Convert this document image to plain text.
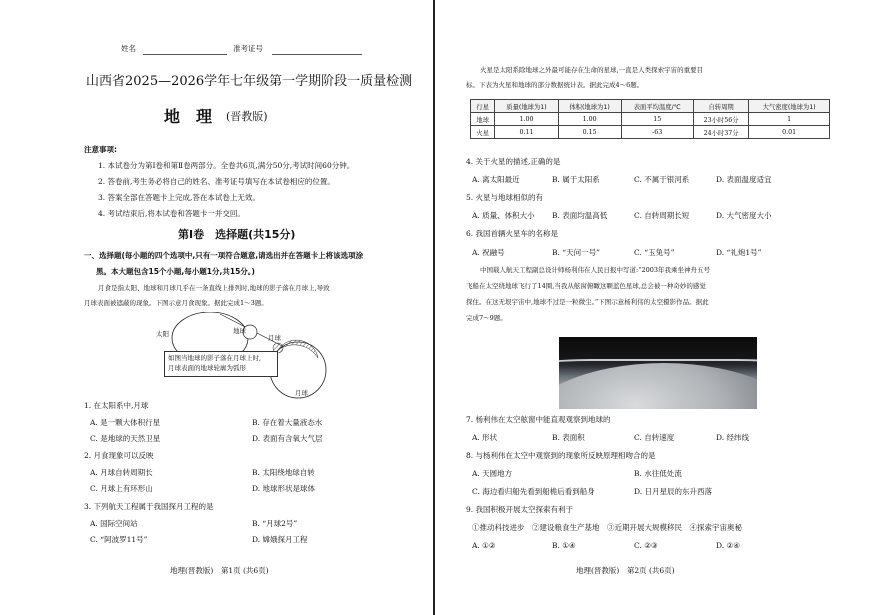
姓名	准考证号
山西省2025—2026学年七年级第一学期阶段一质量检测
地　理 (晋教版)
注意事项:
1. 本试卷分为第Ⅰ卷和第Ⅱ卷两部分。全卷共6页,满分50分,考试时间60分钟。
2. 答卷前,考生务必将自己的姓名、准考证号填写在本试卷相应的位置。
3. 答案全部在答题卡上完成,答在本试卷上无效。
4. 考试结束后,将本试卷和答题卡一并交回。
第Ⅰ卷　选择题(共15分)
一、选择题(每小题的四个选项中,只有一项符合题意,请选出并在答题卡上将该选项涂
黑。本大题包含15个小题,每小题1分,共15分。)
月食是指太阳、地球和月球几乎在一条直线上排列时,地球的影子落在月球上,导致
月球表面被遮蔽的现象。下图示意月食现象。据此完成1～3题。
太阳	地球
月球
如图当地球的影子落在月球上时,
月球表面的地球轮廓为弧形
月球
1. 在太阳系中,月球
A. 是一颗大体积行星	B. 存在着大量液态水
C. 是地球的天然卫星	D. 表面有含氧大气层
2. 月食现象可以反映
A. 月球自转周期长	B. 太阳绕地球自转
C. 月球上有环形山	D. 地球形状是球体
3. 下列航天工程属于我国探月工程的是
A. 国际空间站	B. “月球2号”
C. “阿波罗11号”	D. 嫦娥探月工程
地理(晋教版)　第1页 (共6页)
火星是太阳系除地球之外最可能存在生命的星球,一直是人类探索宇宙的重要目
标。下表为火星和地球的部分数据统计表。据此完成4～6题。
行星	质量(地球为1)	体积(地球为1)	表面平均温度/℃	自转周期	大气密度(地球为1)
地球	1.00	1.00	15	23小时56分	1
火星	0.11	0.15	-63	24小时37分	0.01
4. 关于火星的描述,正确的是
A. 离太阳最近	B. 属于太阳系	C. 不属于银河系	D. 表面温度适宜
5. 火星与地球相似的有
A. 质量、体积大小 B. 表面均温高低	C. 自转周期长短	D. 大气密度大小
6. 我国首辆火星车的名称是
A. 祝融号	B. “天问一号”	C. “玉兔号”	D. “礼炮1号”
中国载人航天工程副总设计师杨利伟在人民日报中写道:“2003年我乘坐神舟五号
飞船在太空绕地球飞行了14圈,当我从舷窗俯瞰这颗蓝色星球,总会被一种奇妙的感觉
探住。在这无垠宇宙中,地球不过是一粒微尘。”下图示意杨利伟的太空摄影作品。据此
完成7～9题。
7. 杨利伟在太空舷窗中能直观观察到地球的
A. 形状	B. 表面积	C. 自转速度	D. 经纬线
8. 与杨利伟在太空中观察到的现象所反映原理相吻合的是
A. 天圆地方	B. 水往低处流
C. 海边看归船先看到船桅后看到船身	D. 日月星辰的东升西落
9. 我国积极开展太空探索有利于
①推动科技进步　②建设粮食生产基地　③近期开展大规模移民　④探索宇宙奥秘
A. ①②	B. ①④	C. ②③	D. ②④
地理(晋教版)　第2页 (共6页)
